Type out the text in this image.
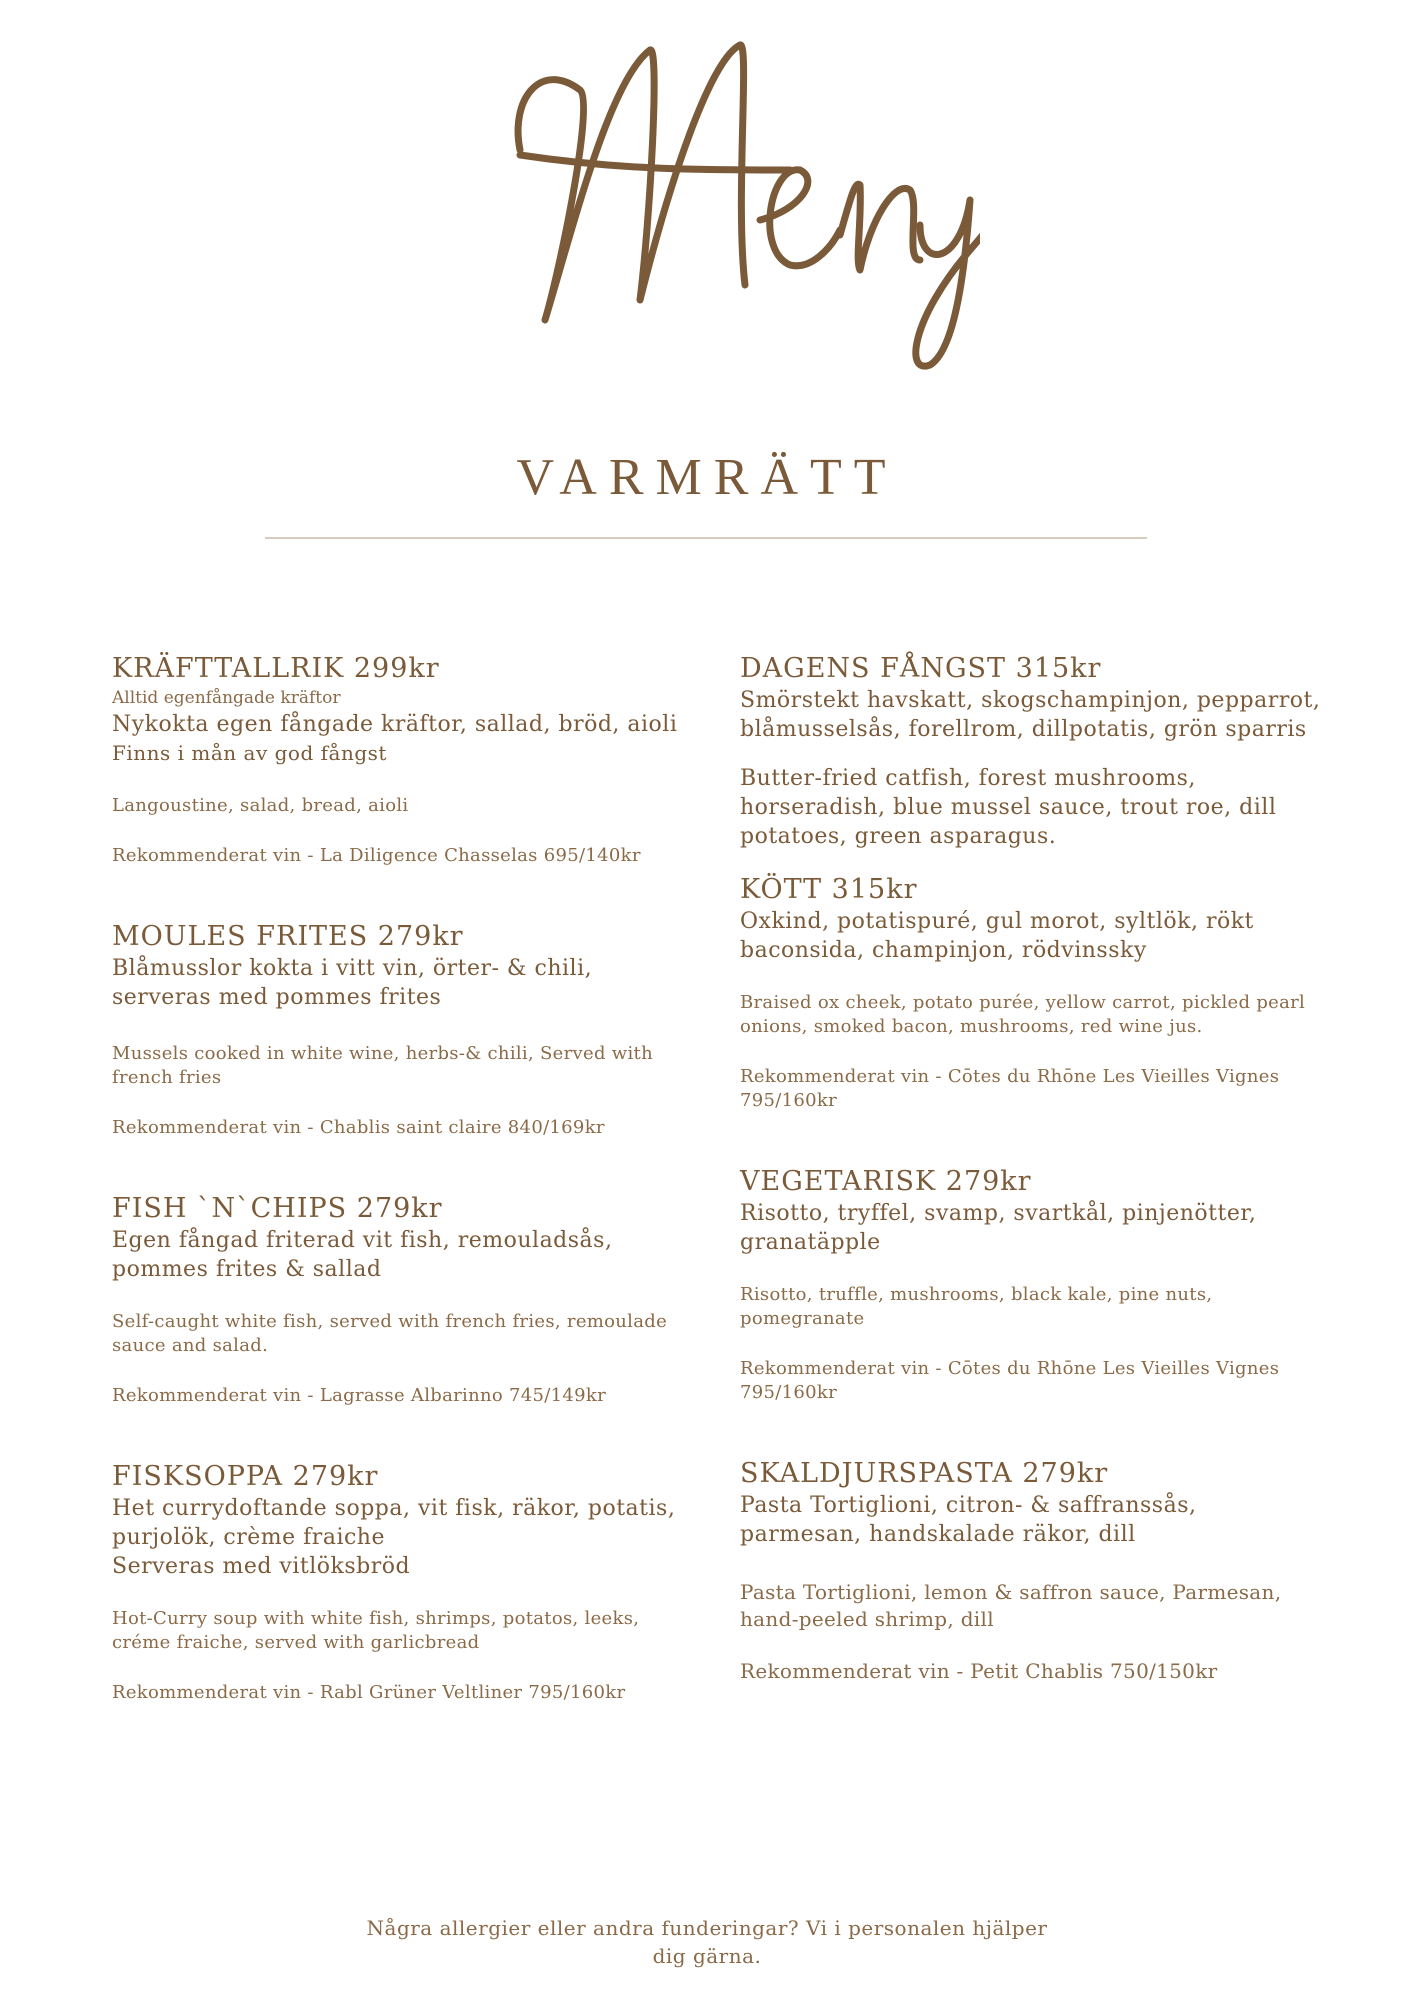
VARMRÄTT
KRÄFTTALLRIK 299kr
Alltid egenfångade kräftor
Nykokta egen fångade kräftor, sallad, bröd, aioli
Finns i mån av god fångst
Langoustine, salad, bread, aioli
Rekommenderat vin - La Diligence Chasselas 695/140kr
MOULES FRITES 279kr
Blåmusslor kokta i vitt vin, örter- & chili, serveras med pommes frites
Mussels cooked in white wine, herbs-& chili, Served with french fries
Rekommenderat vin - Chablis saint claire 840/169kr
FISH `N`CHIPS 279kr
Egen fångad friterad vit fish, remouladsås, pommes frites & sallad
Self-caught white fish, served with french fries, remoulade sauce and salad.
Rekommenderat vin - Lagrasse Albarinno 745/149kr
FISKSOPPA 279kr
Het currydoftande soppa, vit fisk, räkor, potatis, purjolök, crème fraiche
Serveras med vitlöksbröd
Hot-Curry soup with white fish, shrimps, potatos, leeks, créme fraiche, served with garlicbread
Rekommenderat vin - Rabl Grüner Veltliner 795/160kr
DAGENS FÅNGST 315kr
Smörstekt havskatt, skogschampinjon, pepparrot, blåmusselsås, forellrom, dillpotatis, grön sparris
Butter-fried catfish, forest mushrooms, horseradish, blue mussel sauce, trout roe, dill potatoes, green asparagus.
KÖTT 315kr
Oxkind, potatispuré, gul morot, syltlök, rökt baconsida, champinjon, rödvinssky
Braised ox cheek, potato purée, yellow carrot, pickled pearl onions, smoked bacon, mushrooms, red wine jus.
Rekommenderat vin - Cōtes du Rhōne Les Vieilles Vignes 795/160kr
VEGETARISK 279kr
Risotto, tryffel, svamp, svartkål, pinjenötter, granatäpple
Risotto, truffle, mushrooms, black kale, pine nuts, pomegranate
Rekommenderat vin - Cōtes du Rhōne Les Vieilles Vignes 795/160kr
SKALDJURSPASTA 279kr
Pasta Tortiglioni, citron- & saffranssås, parmesan, handskalade räkor, dill
Pasta Tortiglioni, lemon & saffron sauce, Parmesan, hand-peeled shrimp, dill
Rekommenderat vin - Petit Chablis 750/150kr
Några allergier eller andra funderingar? Vi i personalen hjälper dig gärna.
